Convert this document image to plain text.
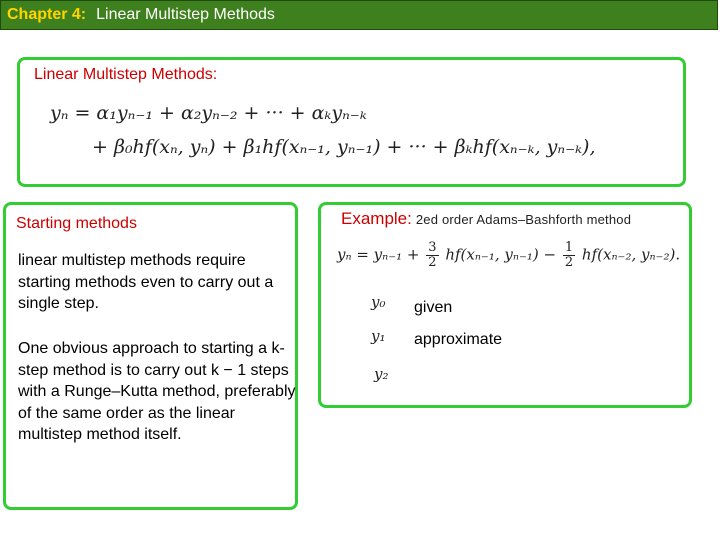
Chapter 4: Linear Multistep Methods
Linear Multistep Methods:
yₙ = α₁yₙ₋₁ + α₂yₙ₋₂ + ··· + αₖyₙ₋ₖ
+ β₀hf(xₙ, yₙ) + β₁hf(xₙ₋₁, yₙ₋₁) + ··· + βₖhf(xₙ₋ₖ, yₙ₋ₖ),
Starting methods
linear multistep methods require starting methods even to carry out a single step.
One obvious approach to starting a k-step method is to carry out k − 1 steps with a Runge–Kutta method, preferably of the same order as the linear multistep method itself.
Example: 2ed order Adams–Bashforth method
$y_n = y_{n-1} + \frac{3}{2} hf(x_{n-1}$, $y_{n-1}) - \frac{1}{2} hf(x_{n-2}$, yₙ₋₂).
y₀
y₁
y₂
given
approximate
